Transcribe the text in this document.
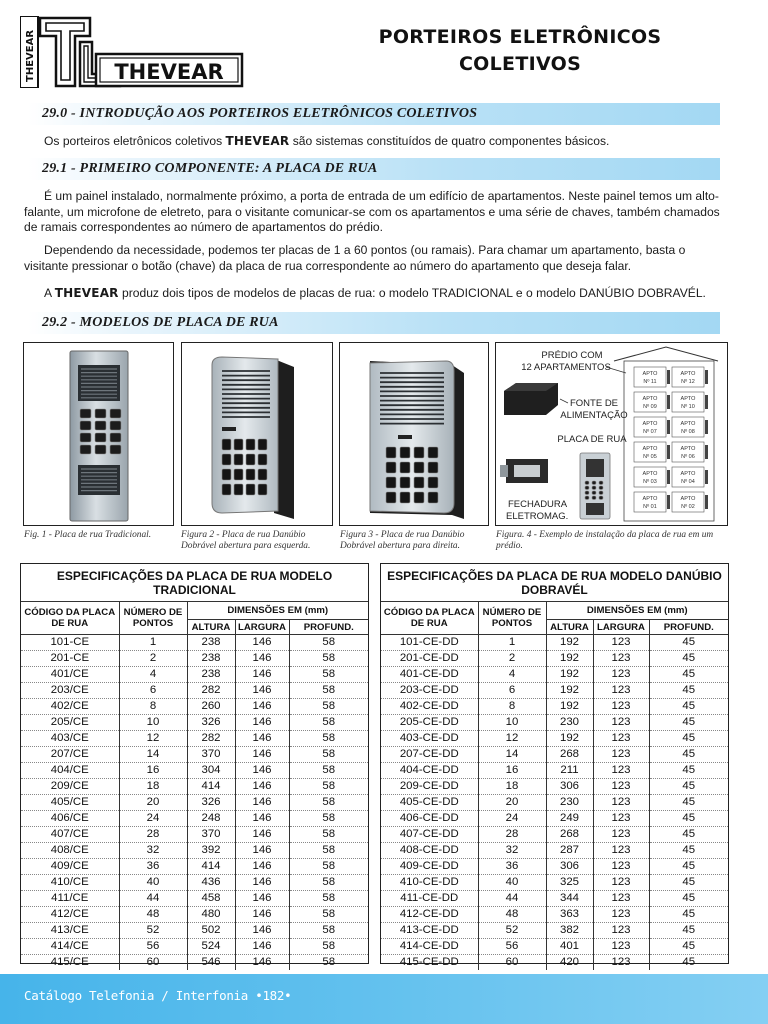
THEVEAR	THEVEAR
PORTEIROS ELETRÔNICOS
COLETIVOS
29.0 - INTRODUÇÃO AOS PORTEIROS ELETRÔNICOS COLETIVOS
Os porteiros eletrônicos coletivos THEVEAR são sistemas constituídos de quatro componentes básicos.
29.1 - PRIMEIRO COMPONENTE: A PLACA DE RUA
É um painel instalado, normalmente próximo, a porta de entrada de um edifício de apartamentos. Neste painel temos um alto-falante, um microfone de eletreto, para o visitante comunicar-se com os apartamentos e uma série de chaves, também chamados de ramais correspondentes ao número de apartamentos do prédio.
Dependendo da necessidade, podemos ter placas de 1 a 60 pontos (ou ramais). Para chamar um apartamento, basta o visitante pressionar o botão (chave) da placa de rua correspondente ao número do apartamento que deseja falar.
A THEVEAR produz dois tipos de modelos de placas de rua: o modelo TRADICIONAL e o modelo DANÚBIO DOBRAVÉL.
29.2 - MODELOS DE PLACA DE RUA
APTO
Nº 11
APTO
Nº 12
APTO
Nº 09
APTO
Nº 10
APTO
Nº 07
APTO
Nº 08
APTO
Nº 05
APTO
Nº 06
APTO
Nº 03
APTO
Nº 04
APTO
Nº 01
APTO
Nº 02
PRÉDIO COM
12 APARTAMENTOS
FONTE DE
ALIMENTAÇÃO
PLACA DE RUA
FECHADURA
ELETROMAG.
Fig. 1 - Placa de rua Tradicional.	Figura 2 - Placa de rua Danúbio Dobrável abertura para esquerda.
Figura 3 - Placa de rua Danúbio Dobrável abertura para direita.
Figura. 4 - Exemplo de instalação da placa de rua em um prédio.
ESPECIFICAÇÕES DA PLACA DE RUA MODELO TRADICIONAL
CÓDIGO DA PLACA DE RUA	NÚMERO DE PONTOS	DIMENSÕES EM (mm)		
		ALTURA	LARGURA	PROFUND.
101-CE	1	238	146	58
201-CE	2	238	146	58
401/CE	4	238	146	58
203/CE	6	282	146	58
402/CE	8	260	146	58
205/CE	10	326	146	58
403/CE	12	282	146	58
207/CE	14	370	146	58
404/CE	16	304	146	58
209/CE	18	414	146	58
405/CE	20	326	146	58
406/CE	24	248	146	58
407/CE	28	370	146	58
408/CE	32	392	146	58
409/CE	36	414	146	58
410/CE	40	436	146	58
411/CE	44	458	146	58
412/CE	48	480	146	58
413/CE	52	502	146	58
414/CE	56	524	146	58
415/CE	60	546	146	58
ESPECIFICAÇÕES DA PLACA DE RUA MODELO DANÚBIO DOBRAVÉL
CÓDIGO DA PLACA DE RUA	NÚMERO DE PONTOS	DIMENSÕES EM (mm)		
		ALTURA	LARGURA	PROFUND.
101-CE-DD	1	192	123	45
201-CE-DD	2	192	123	45
401-CE-DD	4	192	123	45
203-CE-DD	6	192	123	45
402-CE-DD	8	192	123	45
205-CE-DD	10	230	123	45
403-CE-DD	12	192	123	45
207-CE-DD	14	268	123	45
404-CE-DD	16	211	123	45
209-CE-DD	18	306	123	45
405-CE-DD	20	230	123	45
406-CE-DD	24	249	123	45
407-CE-DD	28	268	123	45
408-CE-DD	32	287	123	45
409-CE-DD	36	306	123	45
410-CE-DD	40	325	123	45
411-CE-DD	44	344	123	45
412-CE-DD	48	363	123	45
413-CE-DD	52	382	123	45
414-CE-DD	56	401	123	45
415-CE-DD	60	420	123	45
Catálogo Telefonia / Interfonia •182•
